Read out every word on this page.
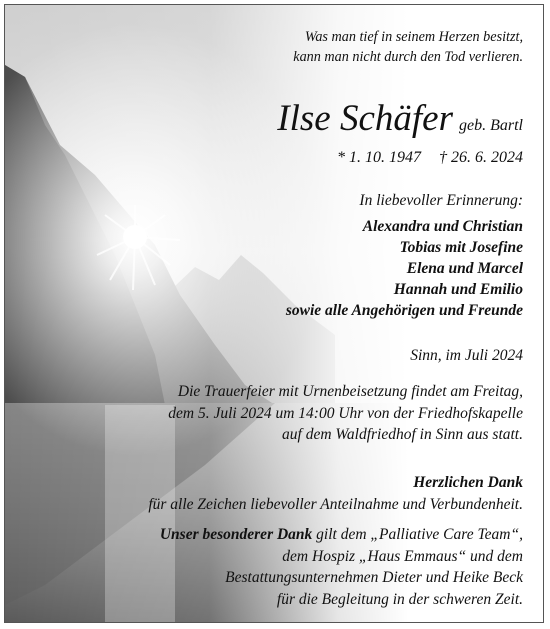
Was man tief in seinem Herzen besitzt,
kann man nicht durch den Tod verlieren.
Ilse Schäfer geb. Bartl
* 1. 10. 1947 † 26. 6. 2024
In liebevoller Erinnerung:
Alexandra und Christian
Tobias mit Josefine
Elena und Marcel
Hannah und Emilio
sowie alle Angehörigen und Freunde
Sinn, im Juli 2024
Die Trauerfeier mit Urnenbeisetzung findet am Freitag,
dem 5. Juli 2024 um 14:00 Uhr von der Friedhofskapelle
auf dem Waldfriedhof in Sinn aus statt.
Herzlichen Dank
für alle Zeichen liebevoller Anteilnahme und Verbundenheit.
Unser besonderer Dank gilt dem „Palliative Care Team“,
dem Hospiz „Haus Emmaus“ und dem
Bestattungsunternehmen Dieter und Heike Beck
für die Begleitung in der schweren Zeit.
